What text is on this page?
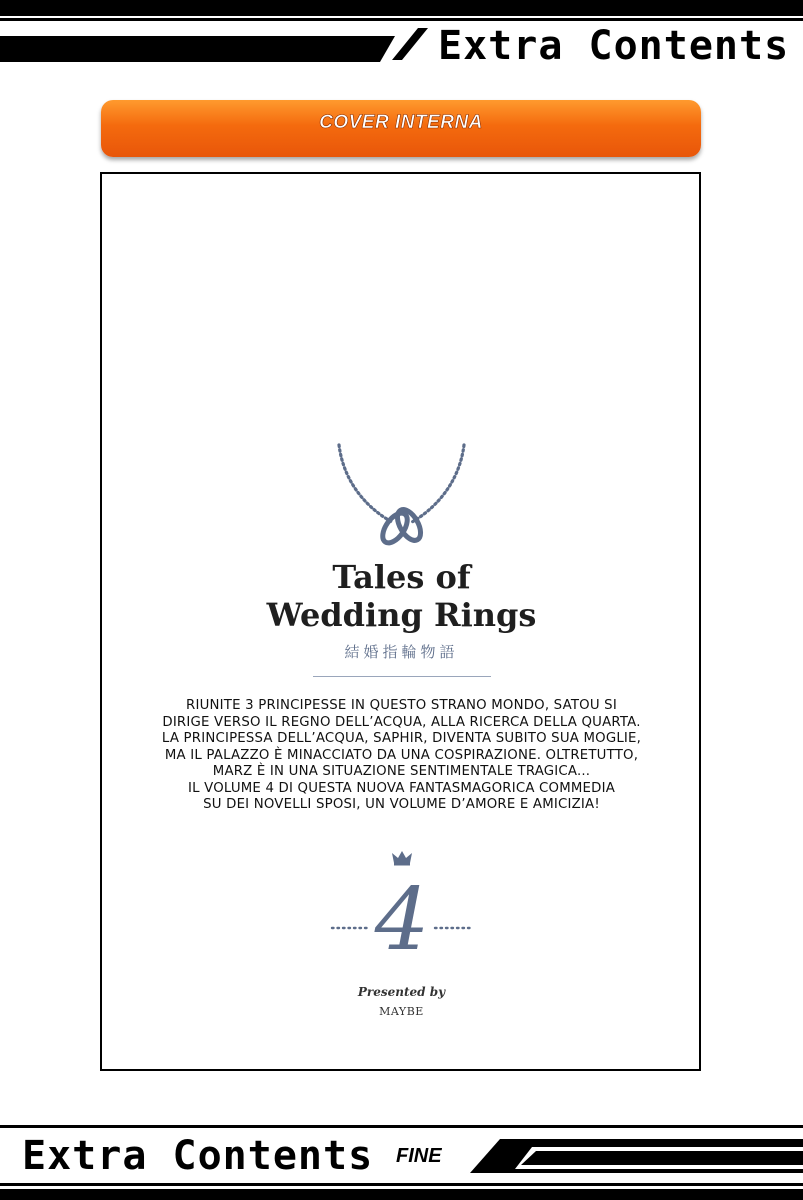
Extra Contents
COVER INTERNA
Tales of
Wedding Rings
結婚指輪物語
RIUNITE 3 PRINCIPESSE IN QUESTO STRANO MONDO, SATOU SI
DIRIGE VERSO IL REGNO DELL’ACQUA, ALLA RICERCA DELLA QUARTA.
LA PRINCIPESSA DELL’ACQUA, SAPHIR, DIVENTA SUBITO SUA MOGLIE,
MA IL PALAZZO È MINACCIATO DA UNA COSPIRAZIONE. OLTRETUTTO,
MARZ È IN UNA SITUAZIONE SENTIMENTALE TRAGICA...
IL VOLUME 4 DI QUESTA NUOVA FANTASMAGORICA COMMEDIA
SU DEI NOVELLI SPOSI, UN VOLUME D’AMORE E AMICIZIA!
4
Presented by
MAYBE
Extra Contents FINE
